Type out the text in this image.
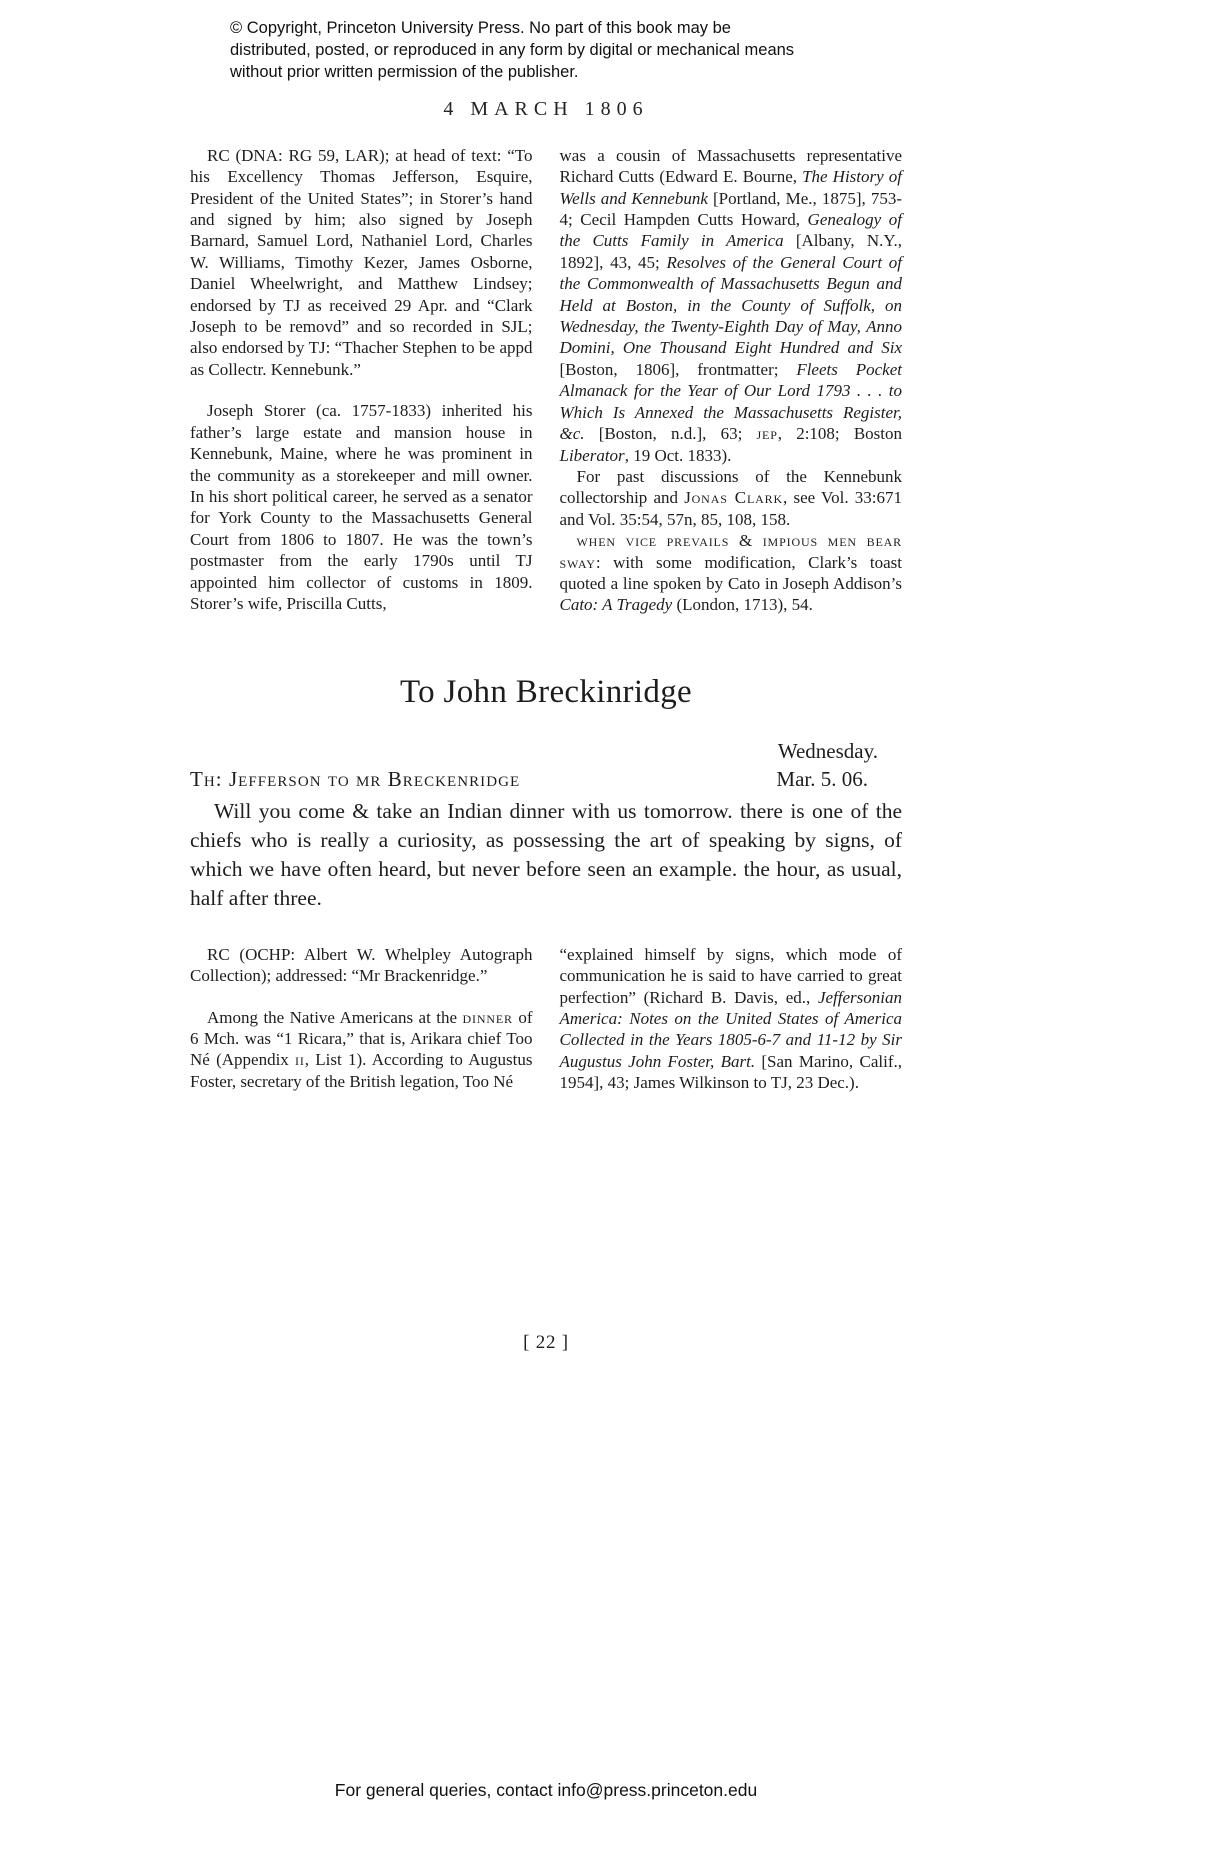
© Copyright, Princeton University Press. No part of this book may be distributed, posted, or reproduced in any form by digital or mechanical means without prior written permission of the publisher.
4 MARCH 1806

RC (DNA: RG 59, LAR); at head of text: “To his Excellency Thomas Jefferson, Esquire, President of the United States”; in Storer’s hand and signed by him; also signed by Joseph Barnard, Samuel Lord, Nathaniel Lord, Charles W. Williams, Timothy Kezer, James Osborne, Daniel Wheelwright, and Matthew Lindsey; endorsed by TJ as received 29 Apr. and “Clark Joseph to be removd” and so recorded in SJL; also endorsed by TJ: “Thacher Stephen to be appd as Collectr. Kennebunk.”

Joseph Storer (ca. 1757-1833) inherited his father’s large estate and mansion house in Kennebunk, Maine, where he was prominent in the community as a storekeeper and mill owner. In his short political career, he served as a senator for York County to the Massachusetts General Court from 1806 to 1807. He was the town’s postmaster from the early 1790s until TJ appointed him collector of customs in 1809. Storer’s wife, Priscilla Cutts,

was a cousin of Massachusetts representative Richard Cutts (Edward E. Bourne, The History of Wells and Kennebunk [Portland, Me., 1875], 753-4; Cecil Hampden Cutts Howard, Genealogy of the Cutts Family in America [Albany, N.Y., 1892], 43, 45; Resolves of the General Court of the Commonwealth of Massachusetts Begun and Held at Boston, in the County of Suffolk, on Wednesday, the Twenty-Eighth Day of May, Anno Domini, One Thousand Eight Hundred and Six [Boston, 1806], frontmatter; Fleets Pocket Almanack for the Year of Our Lord 1793 . . . to Which Is Annexed the Massachusetts Register, &c. [Boston, n.d.], 63; jep, 2:108; Boston Liberator, 19 Oct. 1833).

For past discussions of the Kennebunk collectorship and Jonas Clark, see Vol. 33:671 and Vol. 35:54, 57n, 85, 108, 158.

when vice prevails & impious men bear sway: with some modification, Clark’s toast quoted a line spoken by Cato in Joseph Addison’s Cato: A Tragedy (London, 1713), 54.

To John Breckinridge
Wednesday.
Th: Jefferson to mr Breckenridge	Mar. 5. 06.

Will you come & take an Indian dinner with us tomorrow. there is one of the chiefs who is really a curiosity, as possessing the art of speaking by signs, of which we have often heard, but never before seen an example. the hour, as usual, half after three.

RC (OCHP: Albert W. Whelpley Autograph Collection); addressed: “Mr Brackenridge.”

Among the Native Americans at the dinner of 6 Mch. was “1 Ricara,” that is, Arikara chief Too Né (Appendix ii, List 1). According to Augustus Foster, secretary of the British legation, Too Né

“explained himself by signs, which mode of communication he is said to have carried to great perfection” (Richard B. Davis, ed., Jeffersonian America: Notes on the United States of America Collected in the Years 1805-6-7 and 11-12 by Sir Augustus John Foster, Bart. [San Marino, Calif., 1954], 43; James Wilkinson to TJ, 23 Dec.).

[ 22 ]
For general queries, contact info@press.princeton.edu
